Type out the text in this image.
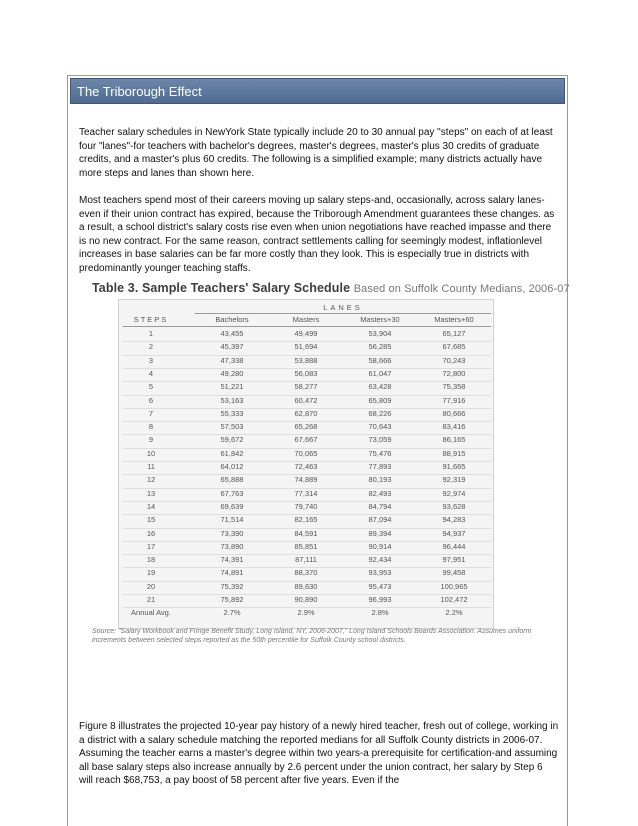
The Triborough Effect

Teacher salary schedules in NewYork State typically include 20 to 30 annual pay "steps" on each of at least four "lanes"-for teachers with bachelor's degrees, master's degrees, master's plus 30 credits of graduate credits, and a master's plus 60 credits. The following is a simplified example; many districts actually have more steps and lanes than shown here.

Most teachers spend most of their careers moving up salary steps-and, occasionally, across salary lanes-even if their union contract has expired, because the Triborough Amendment guarantees these changes. as a result, a school district's salary costs rise even when union negotiations have reached impasse and there is no new contract. For the same reason, contract settlements calling for seemingly modest, inflationlevel increases in base salaries can be far more costly than they look. This is especially true in districts with predominantly younger teaching staffs.

Table 3. Sample Teachers' Salary Schedule Based on Suffolk County Medians, 2006-07
LANES
STEPS	Bachelors	Masters	Masters+30	Masters+60
1	43,455	49,499	53,904	65,127
2	45,397	51,694	56,285	67,685
3	47,338	53,888	58,666	70,243
4	49,280	56,083	61,047	72,800
5	51,221	58,277	63,428	75,358
6	53,163	60,472	65,809	77,916
7	55,333	62,870	68,226	80,666
8	57,503	65,268	70,643	83,416
9	59,672	67,667	73,059	86,165
10	61,842	70,065	75,476	88,915
11	64,012	72,463	77,893	91,665
12	65,888	74,889	80,193	92,319
13	67,763	77,314	82,493	92,974
14	69,639	79,740	84,794	93,628
15	71,514	82,165	87,094	94,283
16	73,390	84,591	89,394	94,937
17	73,890	85,851	90,914	96,444
18	74,391	87,111	92,434	97,951
19	74,891	88,370	93,953	99,458
20	75,392	89,630	95,473	100,965
21	75,892	90,890	96,993	102,472
Annual Avg.	2.7%	2.9%	2.8%	2.2%
Source: "Salary Workbook and Fringe Benefit Study, Long Island, NY, 2006-2007," Long Island Schools Boards Association. Assumes uniform increments between selected steps reported as the 50th percentile for Suffolk County school districts.

Figure 8 illustrates the projected 10-year pay history of a newly hired teacher, fresh out of college, working in a district with a salary schedule matching the reported medians for all Suffolk County districts in 2006-07. Assuming the teacher earns a master's degree within two years-a prerequisite for certification-and assuming all base salary steps also increase annually by 2.6 percent under the union contract, her salary by Step 6 will reach $68,753, a pay boost of 58 percent after five years. Even if the
